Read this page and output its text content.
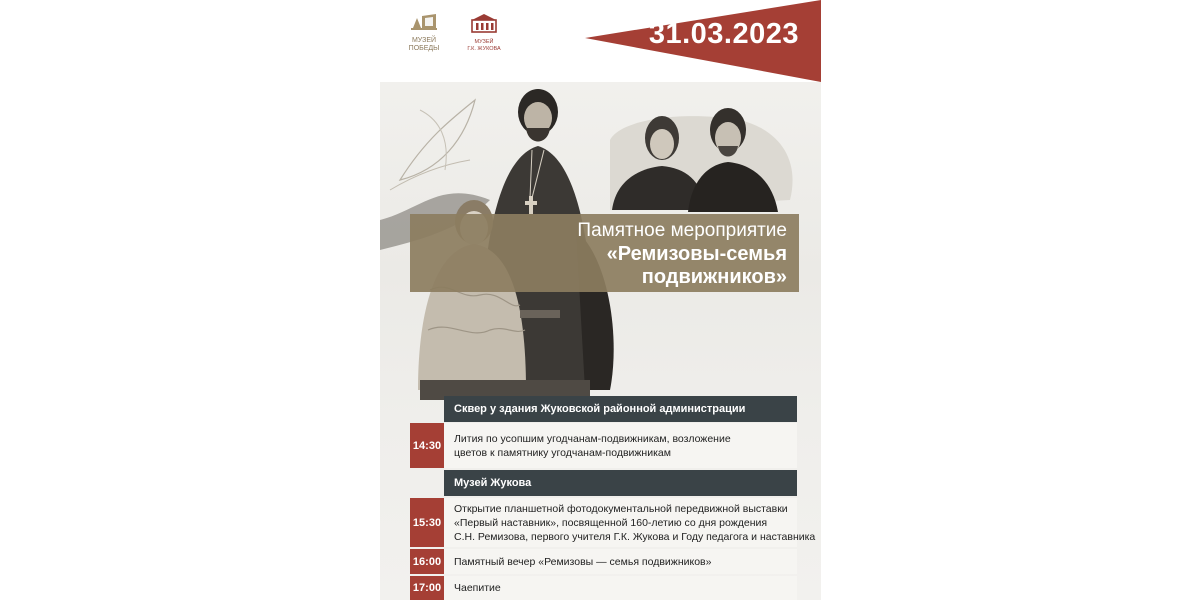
31.03.2023
МУЗЕЙ
ПОБЕДЫ
МУЗЕЙ
Г.К. ЖУКОВА
Памятное мероприятие
«Ремизовы-семья
подвижников»
Сквер у здания Жуковской районной администрации
14:30
Лития по усопшим угодчанам-подвижникам, возложение
цветов к памятнику угодчанам-подвижникам
Музей Жукова
15:30
Открытие планшетной фотодокументальной передвижной выставки
«Первый наставник», посвященной 160-летию со дня рождения
С.Н. Ремизова, первого учителя Г.К. Жукова и Году педагога и наставника
16:00 Памятный вечер «Ремизовы — семья подвижников»
17:00 Чаепитие
